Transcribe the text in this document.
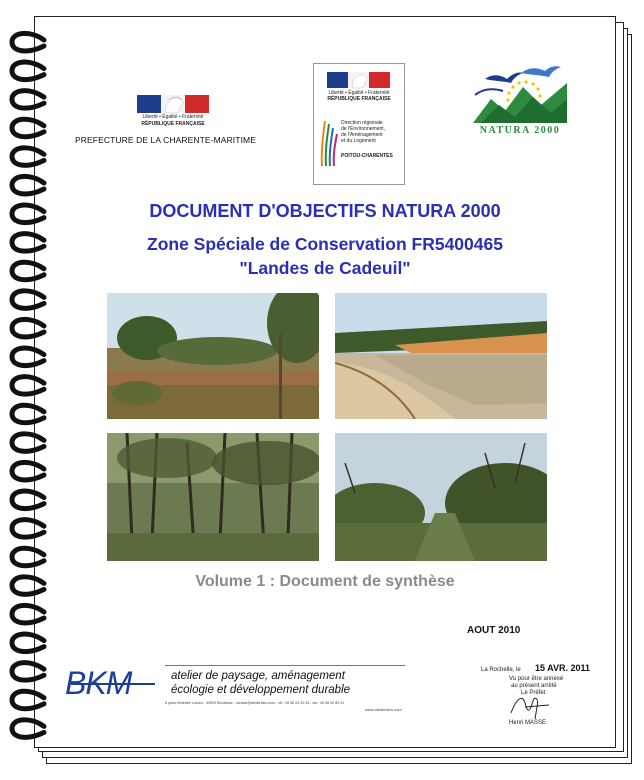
Liberté • Égalité • Fraternité
RÉPUBLIQUE FRANÇAISE
PREFECTURE DE LA CHARENTE-MARITIME
Liberté • Égalité • Fraternité
RÉPUBLIQUE FRANÇAISE
Direction régionale
de l'Environnement,
de l'Aménagement
et du Logement
POITOU-CHARENTES
NATURA 2000
DOCUMENT D'OBJECTIFS NATURA 2000
Zone Spéciale de Conservation FR5400465
"Landes de Cadeuil"
Volume 1 : Document de synthèse
AOUT 2010
BKM	atelier de paysage, aménagement
écologie et développement durable
8 place Amédée Larrieu - 33000 Bordeaux - contact@atelierbkm.com - tél : 05 56 24 20 94 - fax : 05 56 90 80 01
www.atelierbkm.com
La Rochelle, le 15 AVR. 2011
Vu pour être annexé
au présent arrêté
Le Préfet
Henri MASSE
